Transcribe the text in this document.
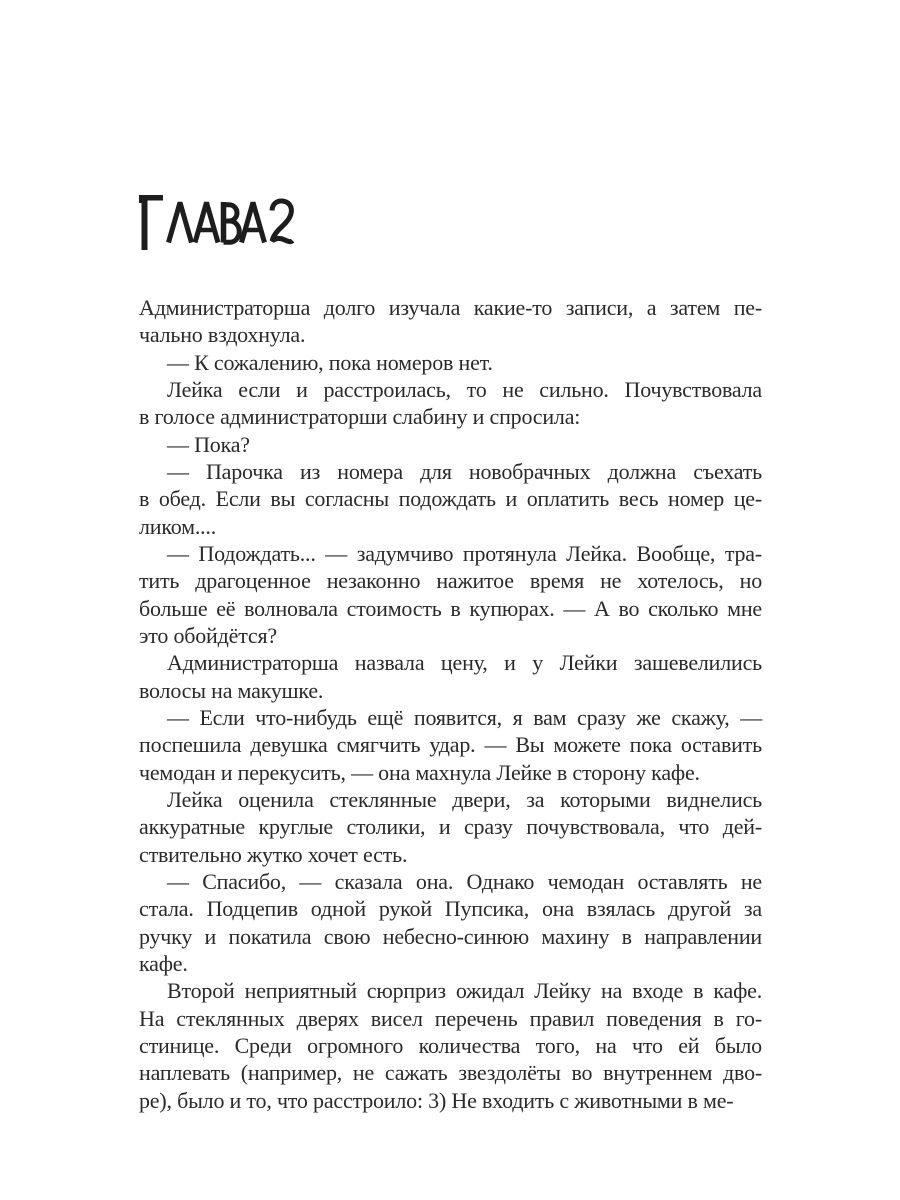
Администраторша долго изучала какие-то записи, а затем пе-
чально вздохнула.
— К сожалению, пока номеров нет.
Лейка если и расстроилась, то не сильно. Почувствовала
в голосе администраторши слабину и спросила:
— Пока?
— Парочка из номера для новобрачных должна съехать
в обед. Если вы согласны подождать и оплатить весь номер це-
ликом....
— Подождать... — задумчиво протянула Лейка. Вообще, тра-
тить драгоценное незаконно нажитое время не хотелось, но
больше её волновала стоимость в купюрах. — А во сколько мне
это обойдётся?
Администраторша назвала цену, и у Лейки зашевелились
волосы на макушке.
— Если что-нибудь ещё появится, я вам сразу же скажу, —
поспешила девушка смягчить удар. — Вы можете пока оставить
чемодан и перекусить, — она махнула Лейке в сторону кафе.
Лейка оценила стеклянные двери, за которыми виднелись
аккуратные круглые столики, и сразу почувствовала, что дей-
ствительно жутко хочет есть.
— Спасибо, — сказала она. Однако чемодан оставлять не
стала. Подцепив одной рукой Пупсика, она взялась другой за
ручку и покатила свою небесно-синюю махину в направлении
кафе.
Второй неприятный сюрприз ожидал Лейку на входе в кафе.
На стеклянных дверях висел перечень правил поведения в го-
стинице. Среди огромного количества того, на что ей было
наплевать (например, не сажать звездолёты во внутреннем дво-
ре), было и то, что расстроило: 3) Не входить с животными в ме-
